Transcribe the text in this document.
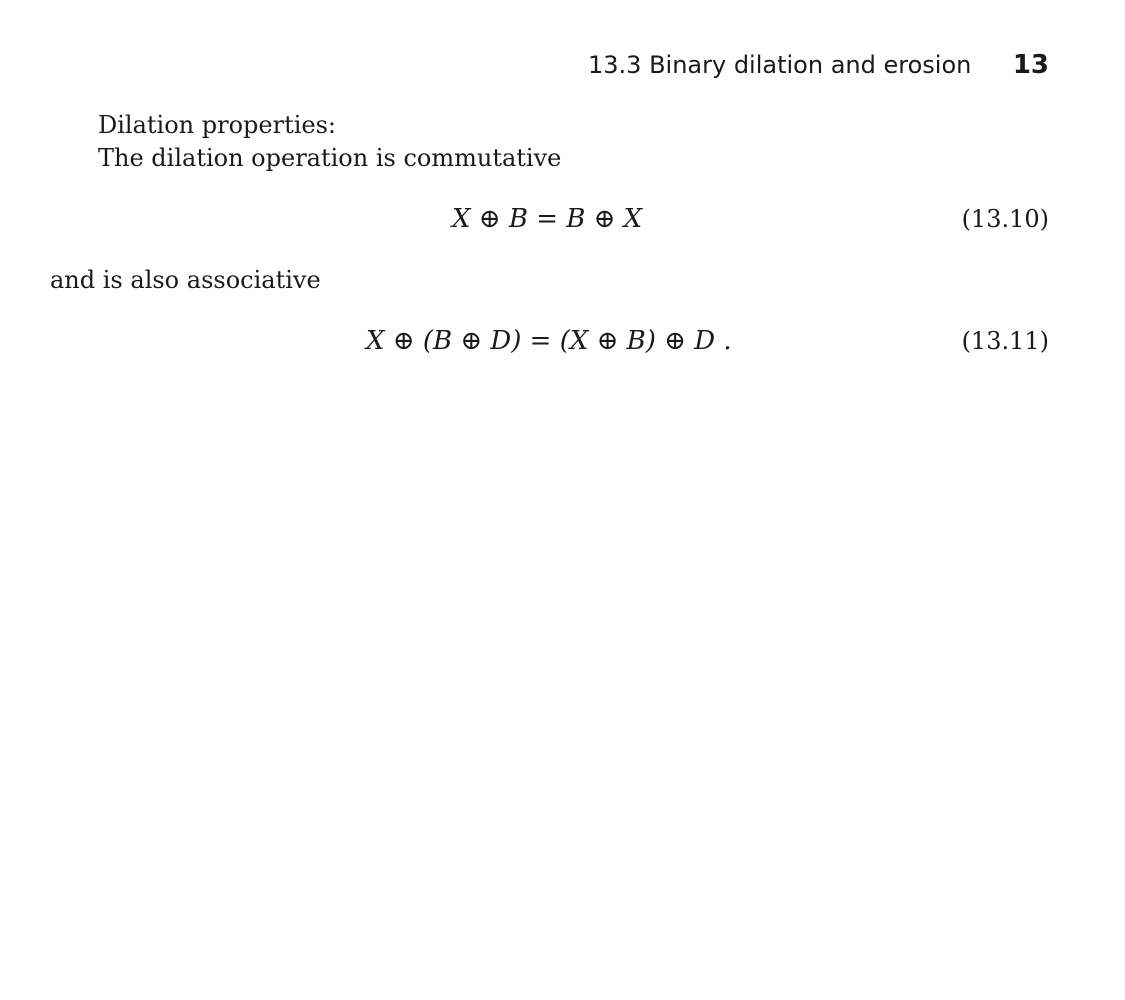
13.3 Binary dilation and erosion 13
Dilation properties:
The dilation operation is commutative
X ⊕ B = B ⊕ X	(13.10)
and is also associative
X ⊕ (B ⊕ D) = (X ⊕ B) ⊕ D .	(13.11)
